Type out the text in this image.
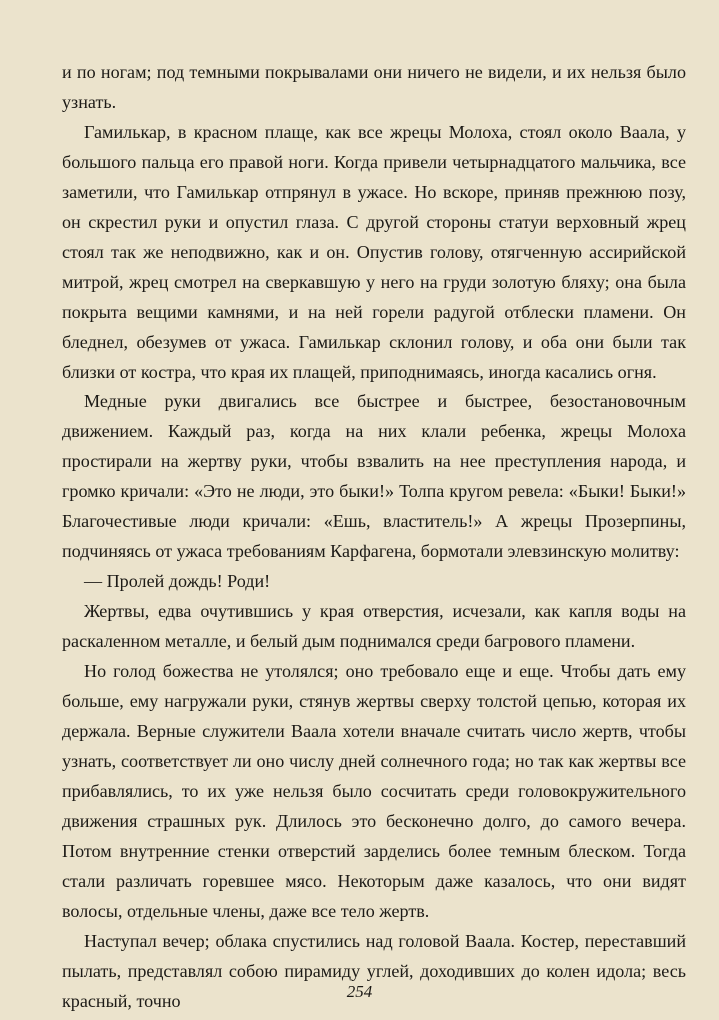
и по ногам; под темными покрывалами они ничего не видели, и их нельзя было узнать.

Гамилькар, в красном плаще, как все жрецы Молоха, стоял около Ваала, у большого пальца его правой ноги. Когда привели четырнадцатого мальчика, все заметили, что Гамилькар отпрянул в ужасе. Но вскоре, приняв прежнюю позу, он скрестил руки и опустил глаза. С другой стороны статуи верховный жрец стоял так же неподвижно, как и он. Опустив голову, отягченную ассирийской митрой, жрец смотрел на сверкавшую у него на груди золотую бляху; она была покрыта вещими камнями, и на ней горели радугой отблески пламени. Он бледнел, обезумев от ужаса. Гамилькар склонил голову, и оба они были так близки от костра, что края их плащей, приподнимаясь, иногда касались огня.

Медные руки двигались все быстрее и быстрее, безостановочным движением. Каждый раз, когда на них клали ребенка, жрецы Молоха простирали на жертву руки, чтобы взвалить на нее преступления народа, и громко кричали: «Это не люди, это быки!» Толпа кругом ревела: «Быки! Быки!» Благочестивые люди кричали: «Ешь, властитель!» А жрецы Прозерпины, подчиняясь от ужаса требованиям Карфагена, бормотали элевзинскую молитву:

— Пролей дождь! Роди!

Жертвы, едва очутившись у края отверстия, исчезали, как капля воды на раскаленном металле, и белый дым поднимался среди багрового пламени.

Но голод божества не утолялся; оно требовало еще и еще. Чтобы дать ему больше, ему нагружали руки, стянув жертвы сверху толстой цепью, которая их держала. Верные служители Ваала хотели вначале считать число жертв, чтобы узнать, соответствует ли оно числу дней солнечного года; но так как жертвы все прибавлялись, то их уже нельзя было сосчитать среди головокружительного движения страшных рук. Длилось это бесконечно долго, до самого вечера. Потом внутренние стенки отверстий зарделись более темным блеском. Тогда стали различать горевшее мясо. Некоторым даже казалось, что они видят волосы, отдельные члены, даже все тело жертв.

Наступал вечер; облака спустились над головой Ваала. Костер, переставший пылать, представлял собою пирамиду углей, доходивших до колен идола; весь красный, точно	254
